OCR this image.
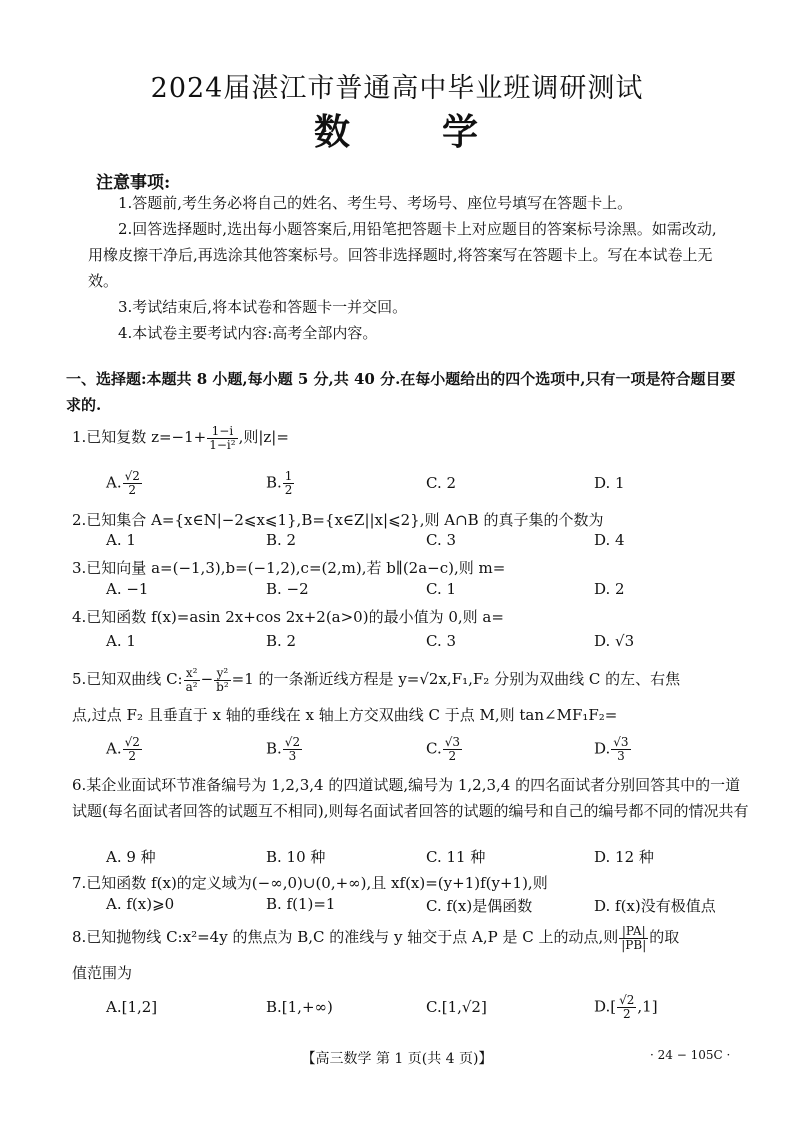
2024届湛江市普通高中毕业班调研测试
数	学
注意事项:
1.答题前,考生务必将自己的姓名、考生号、考场号、座位号填写在答题卡上。
2.回答选择题时,选出每小题答案后,用铅笔把答题卡上对应题目的答案标号涂黑。如需改动,用橡皮擦干净后,再选涂其他答案标号。回答非选择题时,将答案写在答题卡上。写在本试卷上无效。
3.考试结束后,将本试卷和答题卡一并交回。
4.本试卷主要考试内容:高考全部内容。
一、选择题:本题共 8 小题,每小题 5 分,共 40 分.在每小题给出的四个选项中,只有一项是符合题目要求的.
1.已知复数 $z=-1+ \frac{1-i}{\text{1−i²}}$ ,则|z|=
A. $\frac{√2}{2}$	B. $\frac{1}{2}$	C. 2	D. 1
2.已知集合 A={x∈N|−2⩽x⩽1},B={x∈Z||x|⩽2},则 A∩B 的真子集的个数为
A. 1	B. 2	C. 3	D. 4
3.已知向量 a=(−1,3),b=(−1,2),c=(2,m),若 b∥(2a−c),则 m=
A. −1	B. −2	C. 1	D. 2
4.已知函数 f(x)=asin 2x+cos 2x+2(a>0)的最小值为 0,则 a=
A. 1	B. 2	C. 3	D. √3
5.已知双曲线 C: $\frac{\text{x²}}{\text{a²}} - \frac{\text{y²}}{\text{b²}} =1$ 的一条渐近线方程是 y=√2x,F₁,F₂ 分别为双曲线 C 的左、右焦
点,过点 F₂ 且垂直于 x 轴的垂线在 x 轴上方交双曲线 C 于点 M,则 tan∠MF₁F₂=
A. $\frac{√2}{2}$	B. $\frac{√2}{3}$	C. $\frac{√3}{2}$	D. $\frac{√3}{3}$
6.某企业面试环节准备编号为 1,2,3,4 的四道试题,编号为 1,2,3,4 的四名面试者分别回答其中的一道试题(每名面试者回答的试题互不相同),则每名面试者回答的试题的编号和自己的编号都不同的情况共有
A. 9 种	B. 10 种	C. 11 种	D. 12 种
7.已知函数 f(x)的定义域为(−∞,0)∪(0,+∞),且 xf(x)=(y+1)f(y+1),则
A. f(x)⩾0	B. f(1)=1	C. f(x)是偶函数	D. f(x)没有极值点
8.已知抛物线 C:x²=4y 的焦点为 B,C 的准线与 y 轴交于点 A,P 是 C 上的动点,则 $\frac{|PA|}{|PB|}$ 的取
值范围为
A.[1,2]	B.[1,+∞)	C.[1,√2]	$D.[ \frac{√2}{2} ,1]$
【高三数学 第 1 页(共 4 页)】	· 24 − 105C ·
